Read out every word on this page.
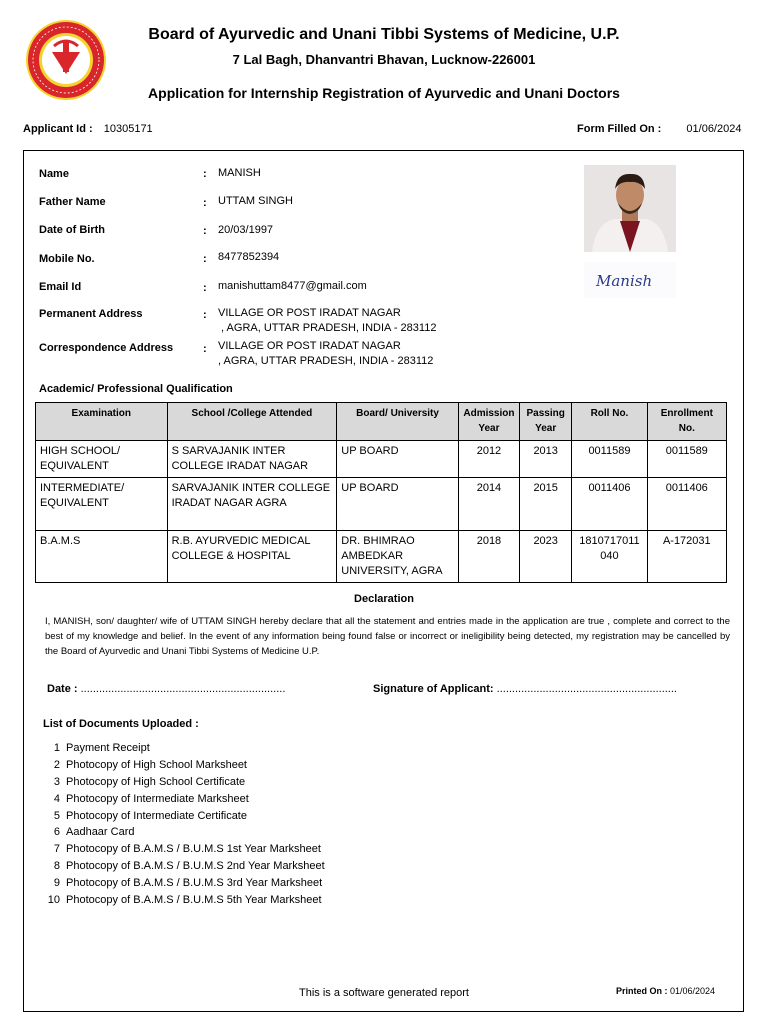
Board of Ayurvedic and Unani Tibbi Systems of Medicine, U.P.
7 Lal Bagh, Dhanvantri Bhavan, Lucknow-226001
Application for Internship Registration of Ayurvedic and Unani Doctors
Applicant Id : 10305171	Form Filled On : 01/06/2024
Name	: MANISH
Father Name	: UTTAM SINGH
Date of Birth	: 20/03/1997
Mobile No.	: 8477852394
Email Id	: manishuttam8477@gmail.com
Permanent Address	: VILLAGE OR POST IRADAT NAGAR
, AGRA, UTTAR PRADESH, INDIA - 283112
Correspondence Address	: VILLAGE OR POST IRADAT NAGAR
, AGRA, UTTAR PRADESH, INDIA - 283112
Manish
Academic/ Professional Qualification
Examination	School /College Attended	Board/ University	Admission Year	Passing Year	Roll No.	Enrollment No.
HIGH SCHOOL/ EQUIVALENT	S SARVAJANIK INTER COLLEGE IRADAT NAGAR	UP BOARD	2012	2013	0011589	0011589
INTERMEDIATE/ EQUIVALENT	SARVAJANIK INTER COLLEGE IRADAT NAGAR AGRA	UP BOARD	2014	2015	0011406	0011406
B.A.M.S	R.B. AYURVEDIC MEDICAL COLLEGE & HOSPITAL	DR. BHIMRAO AMBEDKAR UNIVERSITY, AGRA	2018	2023	1810717011 040	A-172031
Declaration
I, MANISH, son/ daughter/ wife of UTTAM SINGH hereby declare that all the statement and entries made in the application are true , complete and correct to the best of my knowledge and belief. In the event of any information being found false or incorrect or ineligibility being detected, my registration may be cancelled by the Board of Ayurvedic and Unani Tibbi Systems of Medicine U.P.
Date : ...................................................................	Signature of Applicant: ...........................................................
List of Documents Uploaded :
1 Payment Receipt
2 Photocopy of High School Marksheet
3 Photocopy of High School Certificate
4 Photocopy of Intermediate Marksheet
5 Photocopy of Intermediate Certificate
6 Aadhaar Card
7 Photocopy of B.A.M.S / B.U.M.S 1st Year Marksheet
8 Photocopy of B.A.M.S / B.U.M.S 2nd Year Marksheet
9 Photocopy of B.A.M.S / B.U.M.S 3rd Year Marksheet
10 Photocopy of B.A.M.S / B.U.M.S 5th Year Marksheet
This is a software generated report	Printed On : 01/06/2024
